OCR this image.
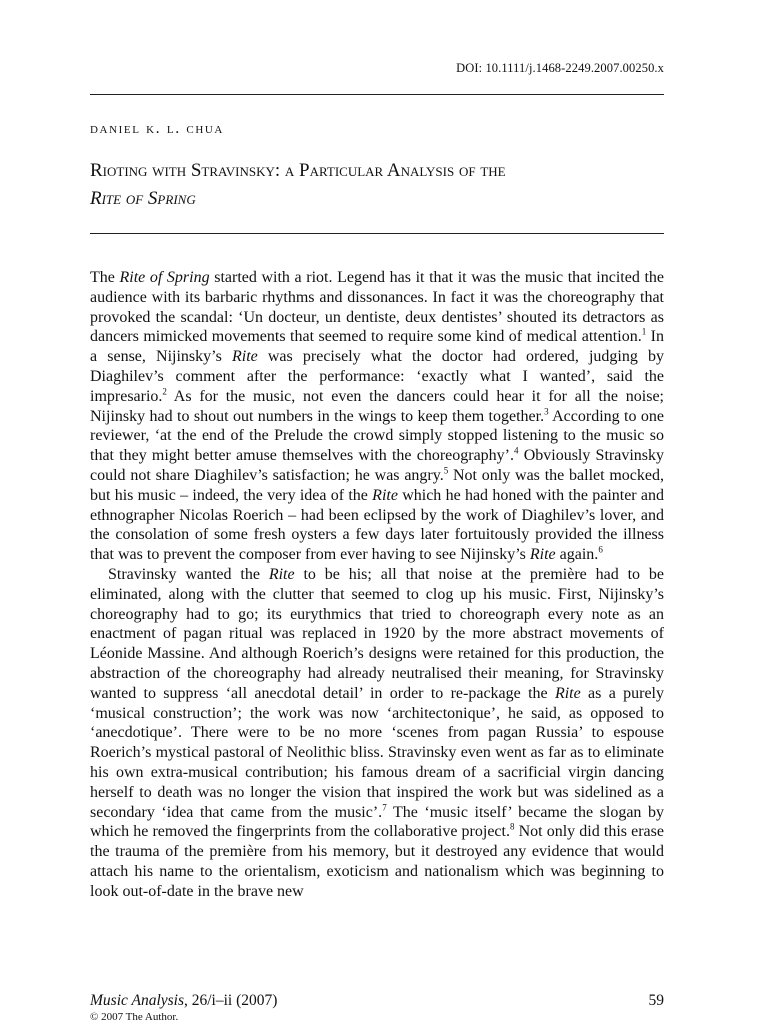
DOI: 10.1111/j.1468-2249.2007.00250.x
daniel k. l. chua
Rioting with Stravinsky: a Particular Analysis of the
Rite of Spring

The Rite of Spring started with a riot. Legend has it that it was the music that incited the audience with its barbaric rhythms and dissonances. In fact it was the choreography that provoked the scandal: ‘Un docteur, un dentiste, deux dentistes’ shouted its detractors as dancers mimicked movements that seemed to require some kind of medical attention.$^1$ In a sense, Nijinsky’s Rite was precisely what the doctor had ordered, judging by Diaghilev’s comment after the performance: ‘exactly what I wanted’, said the impresario.$^2$ As for the music, not even the dancers could hear it for all the noise; Nijinsky had to shout out numbers in the wings to keep them together.$^3$ According to one reviewer, ‘at the end of the Prelude the crowd simply stopped listening to the music so that they might better amuse themselves with the choreography’.$^4$ Obviously Stravinsky could not share Diaghilev’s satisfaction; he was angry.$^5$ Not only was the ballet mocked, but his music – indeed, the very idea of the Rite which he had honed with the painter and ethnographer Nicolas Roerich – had been eclipsed by the work of Diaghilev’s lover, and the consolation of some fresh oysters a few days later fortuitously provided the illness that was to prevent the composer from ever having to see Nijinsky’s Rite again.$^6$

Stravinsky wanted the Rite to be his; all that noise at the première had to be eliminated, along with the clutter that seemed to clog up his music. First, Nijinsky’s choreography had to go; its eurythmics that tried to choreograph every note as an enactment of pagan ritual was replaced in 1920 by the more abstract movements of Léonide Massine. And although Roerich’s designs were retained for this production, the abstraction of the choreography had already neutralised their meaning, for Stravinsky wanted to suppress ‘all anecdotal detail’ in order to re-package the Rite as a purely ‘musical construction’; the work was now ‘architectonique’, he said, as opposed to ‘anecdotique’. There were to be no more ‘scenes from pagan Russia’ to espouse Roerich’s mystical pastoral of Neolithic bliss. Stravinsky even went as far as to eliminate his own extra-musical contribution; his famous dream of a sacrificial virgin dancing herself to death was no longer the vision that inspired the work but was sidelined as a secondary ‘idea that came from the music’.$^7$ The ‘music itself’ became the slogan by which he removed the fingerprints from the collaborative project.$^8$ Not only did this erase the trauma of the première from his memory, but it destroyed any evidence that would attach his name to the orientalism, exoticism and nationalism which was beginning to look out-of-date in the brave new

Music Analysis, 26/i–ii (2007)	59
© 2007 The Author.
